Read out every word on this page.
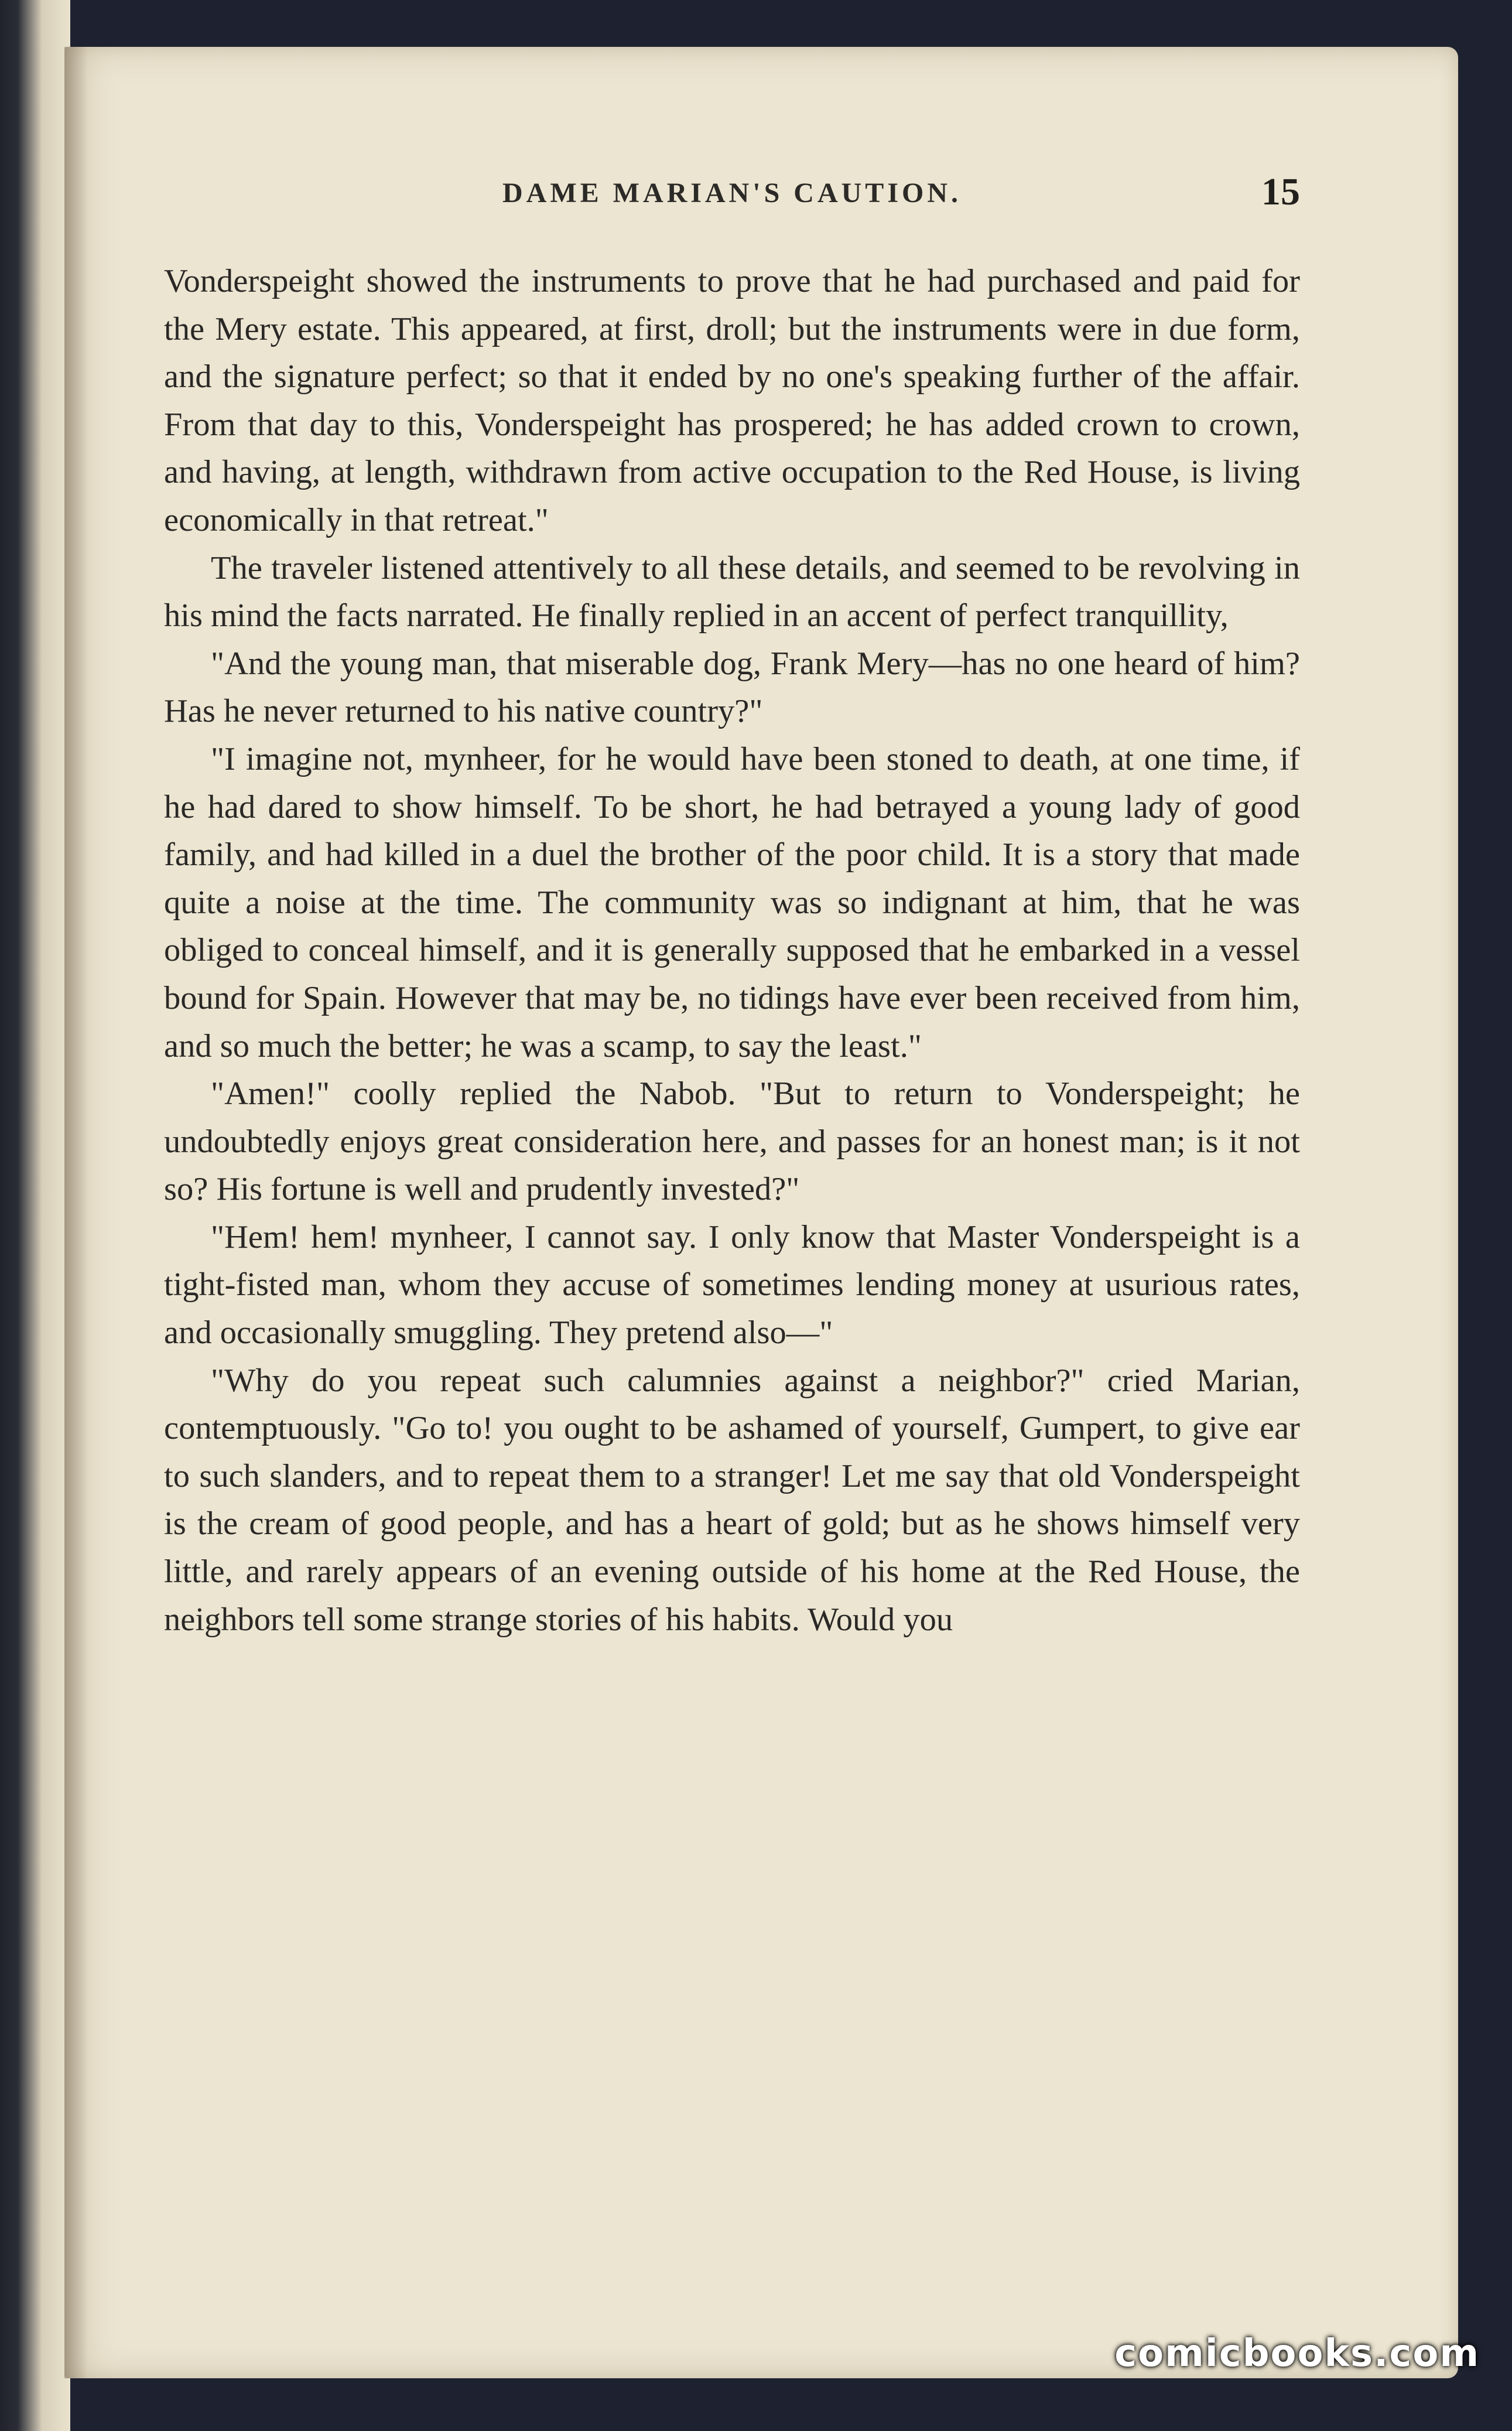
DAME MARIAN'S CAUTION.	15

Vonderspeight showed the instruments to prove that he had purchased and paid for the Mery estate. This appeared, at first, droll; but the instruments were in due form, and the signature perfect; so that it ended by no one's speaking further of the affair. From that day to this, Vonderspeight has prospered; he has added crown to crown, and having, at length, withdrawn from active occupation to the Red House, is living economically in that retreat."

The traveler listened attentively to all these details, and seemed to be revolving in his mind the facts narrated. He finally replied in an accent of perfect tranquillity,

"And the young man, that miserable dog, Frank Mery—has no one heard of him? Has he never returned to his native country?"

"I imagine not, mynheer, for he would have been stoned to death, at one time, if he had dared to show himself. To be short, he had betrayed a young lady of good family, and had killed in a duel the brother of the poor child. It is a story that made quite a noise at the time. The community was so indignant at him, that he was obliged to conceal himself, and it is generally supposed that he embarked in a vessel bound for Spain. However that may be, no tidings have ever been received from him, and so much the better; he was a scamp, to say the least."

"Amen!" coolly replied the Nabob. "But to return to Vonderspeight; he undoubtedly enjoys great consideration here, and passes for an honest man; is it not so? His fortune is well and prudently invested?"

"Hem! hem! mynheer, I cannot say. I only know that Master Vonderspeight is a tight-fisted man, whom they accuse of sometimes lending money at usurious rates, and occasionally smuggling. They pretend also—"

"Why do you repeat such calumnies against a neighbor?" cried Marian, contemptuously. "Go to! you ought to be ashamed of yourself, Gumpert, to give ear to such slanders, and to repeat them to a stranger! Let me say that old Vonderspeight is the cream of good people, and has a heart of gold; but as he shows himself very little, and rarely appears of an evening outside of his home at the Red House, the neighbors tell some strange stories of his habits. Would you

comicbooks.com
